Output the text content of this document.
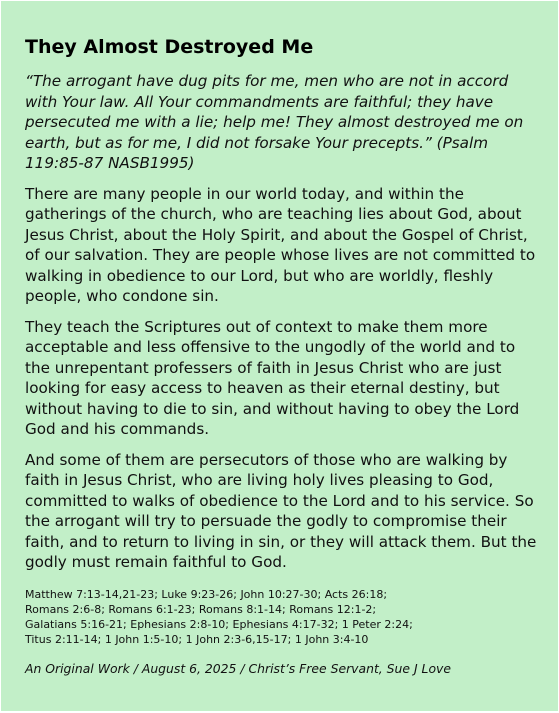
They Almost Destroyed Me

“The arrogant have dug pits for me, men who are not in accord with Your law. All Your commandments are faithful; they have persecuted me with a lie; help me! They almost destroyed me on earth, but as for me, I did not forsake Your precepts.” (Psalm 119:85-87 NASB1995)

There are many people in our world today, and within the gatherings of the church, who are teaching lies about God, about Jesus Christ, about the Holy Spirit, and about the Gospel of Christ, of our salvation. They are people whose lives are not committed to walking in obedience to our Lord, but who are worldly, fleshly people, who condone sin.

They teach the Scriptures out of context to make them more acceptable and less offensive to the ungodly of the world and to the unrepentant professers of faith in Jesus Christ who are just looking for easy access to heaven as their eternal destiny, but without having to die to sin, and without having to obey the Lord God and his commands.

And some of them are persecutors of those who are walking by faith in Jesus Christ, who are living holy lives pleasing to God, committed to walks of obedience to the Lord and to his service. So the arrogant will try to persuade the godly to compromise their faith, and to return to living in sin, or they will attack them. But the godly must remain faithful to God.

Matthew 7:13-14,21-23; Luke 9:23-26; John 10:27-30; Acts 26:18;
Romans 2:6-8; Romans 6:1-23; Romans 8:1-14; Romans 12:1-2;
Galatians 5:16-21; Ephesians 2:8-10; Ephesians 4:17-32; 1 Peter 2:24;
Titus 2:11-14; 1 John 1:5-10; 1 John 2:3-6,15-17; 1 John 3:4-10
An Original Work / August 6, 2025 / Christ’s Free Servant, Sue J Love
